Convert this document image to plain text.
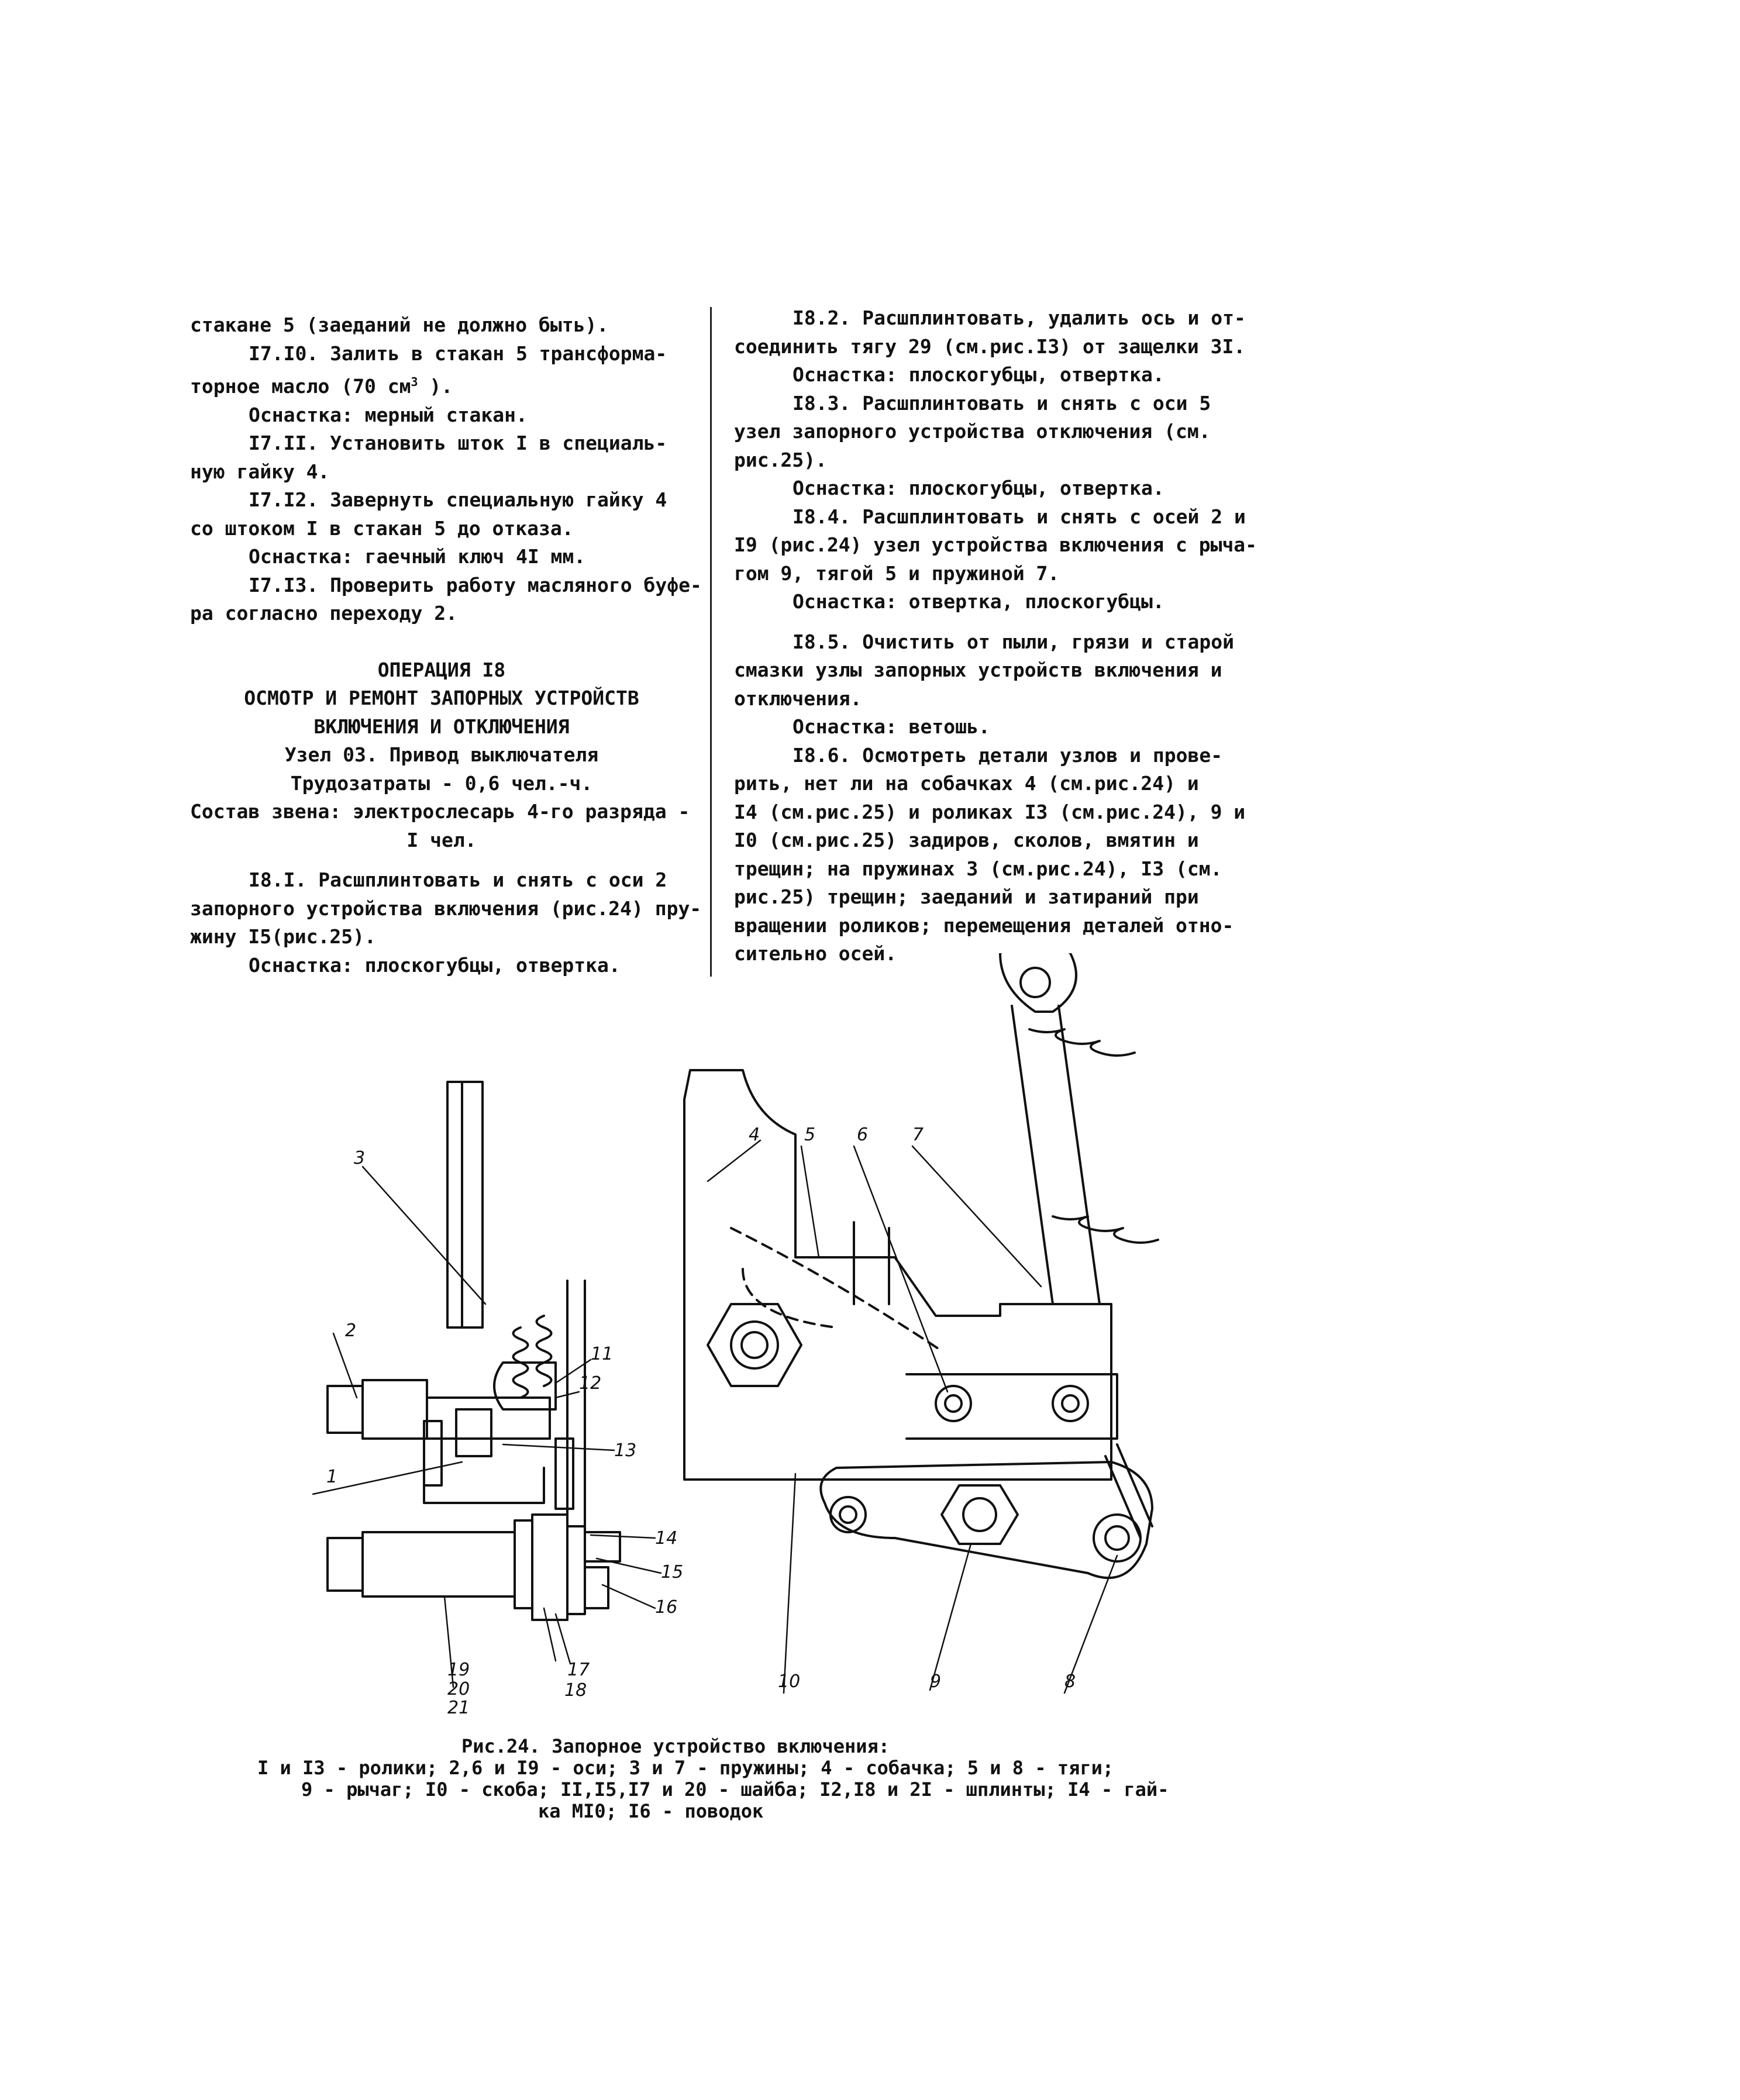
стакане 5 (заеданий не должно быть).

I7.I0. Залить в стакан 5 трансформа-

торное масло (70 $см^3$ ).

Оснастка: мерный стакан.

I7.II. Установить шток I в специаль-

ную гайку 4.

I7.I2. Завернуть специальную гайку 4

со штоком I в стакан 5 до отказа.

Оснастка: гаечный ключ 4I мм.

I7.I3. Проверить работу масляного буфе-

ра согласно переходу 2.

ОПЕРАЦИЯ I8

ОСМОТР И РЕМОНТ ЗАПОРНЫХ УСТРОЙСТВ

ВКЛЮЧЕНИЯ И ОТКЛЮЧЕНИЯ

Узел 03. Привод выключателя

Трудозатраты - 0,6 чел.-ч.

Состав звена: электрослесарь 4-го разряда -

I чел.

I8.I. Расшплинтовать и снять с оси 2

запорного устройства включения (рис.24) пру-

жину I5(рис.25).

Оснастка: плоскогубцы, отвертка.

I8.2. Расшплинтовать, удалить ось и от-

соединить тягу 29 (см.рис.I3) от защелки 3I.

Оснастка: плоскогубцы, отвертка.

I8.3. Расшплинтовать и снять с оси 5

узел запорного устройства отключения (см.

рис.25).

Оснастка: плоскогубцы, отвертка.

I8.4. Расшплинтовать и снять с осей 2 и

I9 (рис.24) узел устройства включения с рыча-

гом 9, тягой 5 и пружиной 7.

Оснастка: отвертка, плоскогубцы.

I8.5. Очистить от пыли, грязи и старой

смазки узлы запорных устройств включения и

отключения.

Оснастка: ветошь.

I8.6. Осмотреть детали узлов и прове-

рить, нет ли на собачках 4 (см.рис.24) и

I4 (см.рис.25) и роликах I3 (см.рис.24), 9 и

I0 (см.рис.25) задиров, сколов, вмятин и

трещин; на пружинах 3 (см.рис.24), I3 (см.

рис.25) трещин; заеданий и затираний при

вращении роликов; перемещения деталей отно-

сительно осей.

1
2
3
4	5 6	7
8
9
10
11
12
13
14
15
16
17
18
19
20
21

Рис.24. Запорное устройство включения:

I и I3 - ролики; 2,6 и I9 - оси; 3 и 7 - пружины; 4 - собачка; 5 и 8 - тяги;

9 - рычаг; I0 - скоба; II,I5,I7 и 20 - шайба; I2,I8 и 2I - шплинты; I4 - гай-

ка MI0; I6 - поводок
